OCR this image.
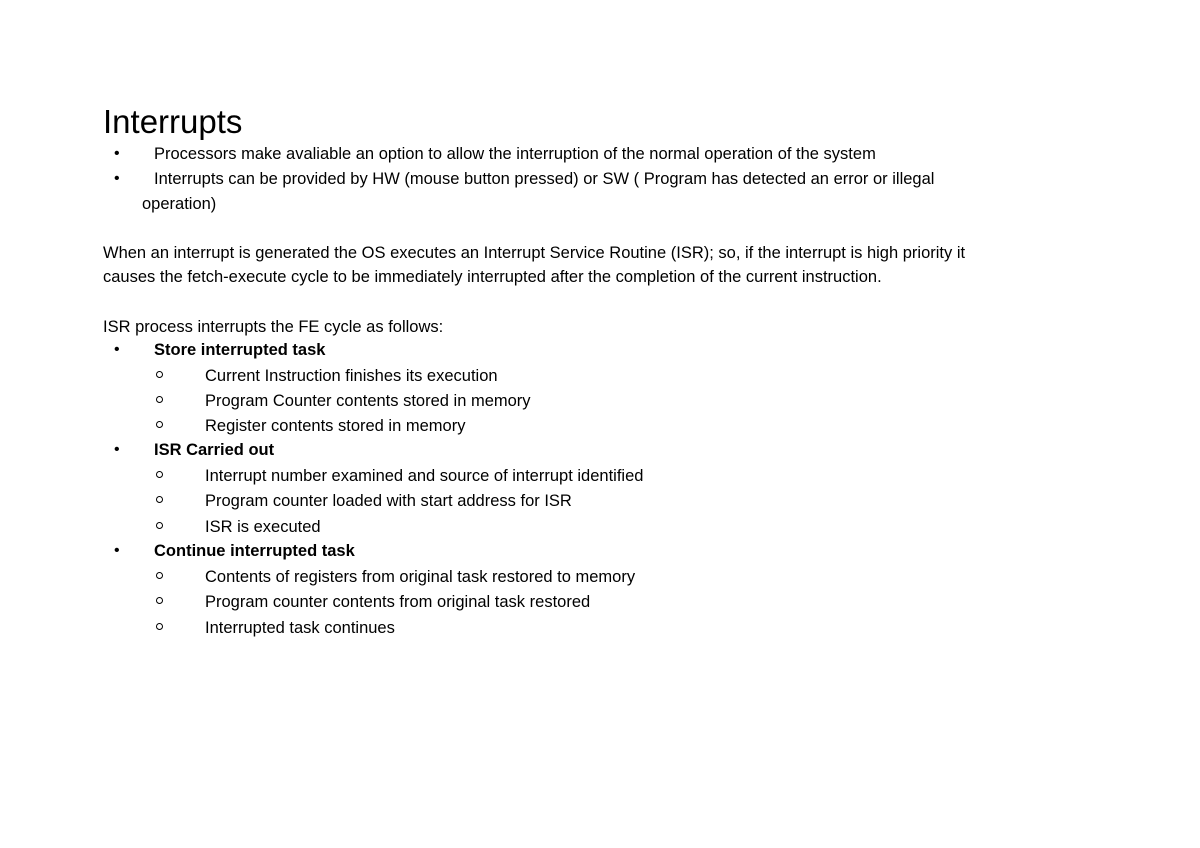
Interrupts
• Processors make avaliable an option to allow the interruption of the normal operation of the system
• Interrupts can be provided by HW (mouse button pressed) or SW ( Program has detected an error or illegal
operation)
When an interrupt is generated the OS executes an Interrupt Service Routine (ISR); so, if the interrupt is high priority it
causes the fetch-execute cycle to be immediately interrupted after the completion of the current instruction.
ISR process interrupts the FE cycle as follows:
• Store interrupted task
Current Instruction finishes its execution
Program Counter contents stored in memory
Register contents stored in memory
• ISR Carried out
Interrupt number examined and source of interrupt identified
Program counter loaded with start address for ISR
ISR is executed
• Continue interrupted task
Contents of registers from original task restored to memory
Program counter contents from original task restored
Interrupted task continues
